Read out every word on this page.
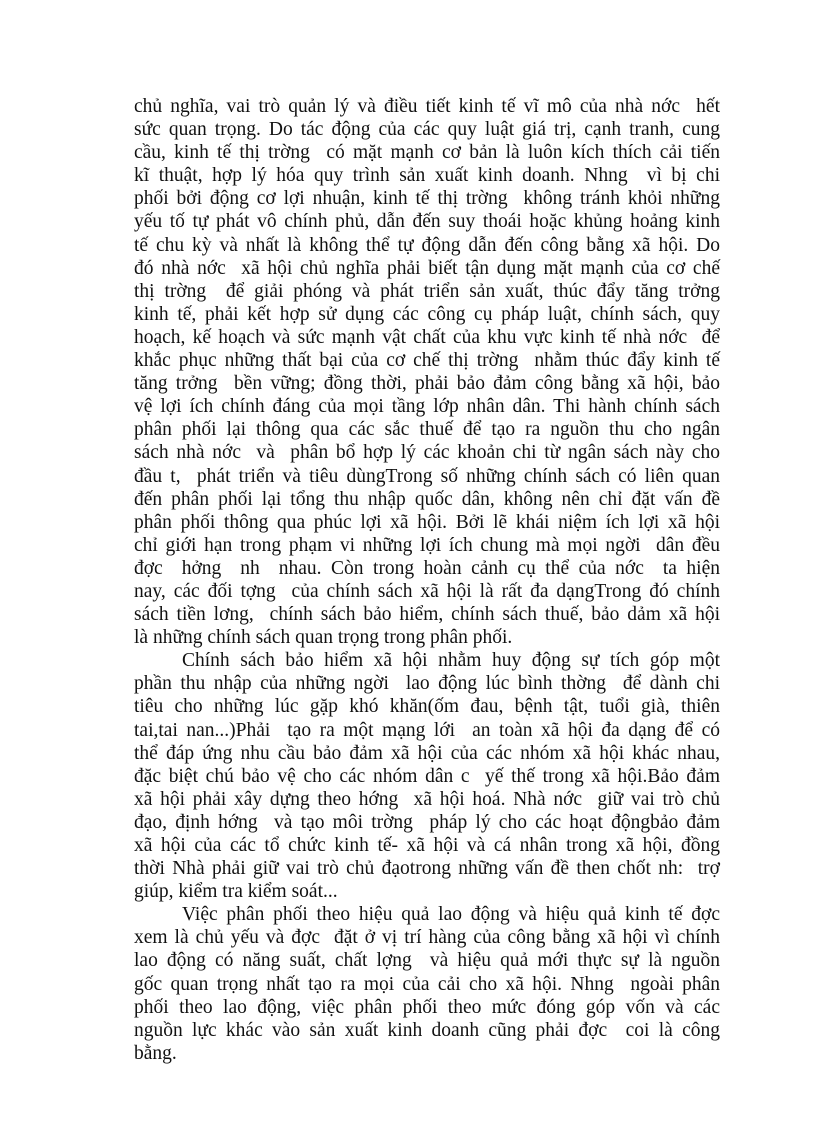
chủ nghĩa, vai trò quản lý và điều tiết kinh tế vĩ mô của nhà nớc  hết
sức quan trọng. Do tác động của các quy luật giá trị, cạnh tranh, cung
cầu, kinh tế thị trờng  có mặt mạnh cơ bản là luôn kích thích cải tiến
kĩ thuật, hợp lý hóa quy trình sản xuất kinh doanh. Nhng  vì bị chi
phối bởi động cơ lợi nhuận, kinh tế thị trờng  không tránh khỏi những
yếu tố tự phát vô chính phủ, dẫn đến suy thoái hoặc khủng hoảng kinh
tế chu kỳ và nhất là không thể tự động dẫn đến công bằng xã hội. Do
đó nhà nớc  xã hội chủ nghĩa phải biết tận dụng mặt mạnh của cơ chế
thị trờng  để giải phóng và phát triển sản xuất, thúc đẩy tăng trởng
kinh tế, phải kết hợp sử dụng các công cụ pháp luật, chính sách, quy
hoạch, kế hoạch và sức mạnh vật chất của khu vực kinh tế nhà nớc  để
khắc phục những thất bại của cơ chế thị trờng  nhằm thúc đẩy kinh tế
tăng trởng  bền vững; đồng thời, phải bảo đảm công bằng xã hội, bảo
vệ lợi ích chính đáng của mọi tầng lớp nhân dân. Thi hành chính sách
phân phối lại thông qua các sắc thuế để tạo ra nguồn thu cho ngân
sách nhà nớc  và  phân bổ hợp lý các khoản chi từ ngân sách này cho
đầu t,  phát triển và tiêu dùngTrong số những chính sách có liên quan
đến phân phối lại tổng thu nhập quốc dân, không nên chỉ đặt vấn đề
phân phối thông qua phúc lợi xã hội. Bởi lẽ khái niệm ích lợi xã hội
chỉ giới hạn trong phạm vi những lợi ích chung mà mọi ngời  dân đều
đợc  hởng  nh  nhau. Còn trong hoàn cảnh cụ thể của nớc  ta hiện
nay, các đối tợng  của chính sách xã hội là rất đa dạngTrong đó chính
sách tiền lơng,  chính sách bảo hiểm, chính sách thuế, bảo dảm xã hội
là những chính sách quan trọng trong phân phối.
Chính sách bảo hiểm xã hội nhằm huy động sự tích góp một
phần thu nhập của những ngời  lao động lúc bình thờng  để dành chi
tiêu cho những lúc gặp khó khăn(ốm đau, bệnh tật, tuổi già, thiên
tai,tai nan...)Phải  tạo ra một mạng lới  an toàn xã hội đa dạng để có
thể đáp ứng nhu cầu bảo đảm xã hội của các nhóm xã hội khác nhau,
đặc biệt chú bảo vệ cho các nhóm dân c  yế thế trong xã hội.Bảo đảm
xã hội phải xây dựng theo hớng  xã hội hoá. Nhà nớc  giữ vai trò chủ
đạo, định hớng  và tạo môi trờng  pháp lý cho các hoạt độngbảo đảm
xã hội của các tổ chức kinh tế- xã hội và cá nhân trong xã hội, đồng
thời Nhà phải giữ vai trò chủ đạotrong những vấn đề then chốt nh:  trợ
giúp, kiểm tra kiểm soát...
Việc phân phối theo hiệu quả lao động và hiệu quả kinh tế đợc
xem là chủ yếu và đợc  đặt ở vị trí hàng của công bằng xã hội vì chính
lao động có năng suất, chất lợng  và hiệu quả mới thực sự là nguồn
gốc quan trọng nhất tạo ra mọi của cải cho xã hội. Nhng  ngoài phân
phối theo lao động, việc phân phối theo mức đóng góp vốn và các
nguồn lực khác vào sản xuất kinh doanh cũng phải đợc  coi là công
bằng.
